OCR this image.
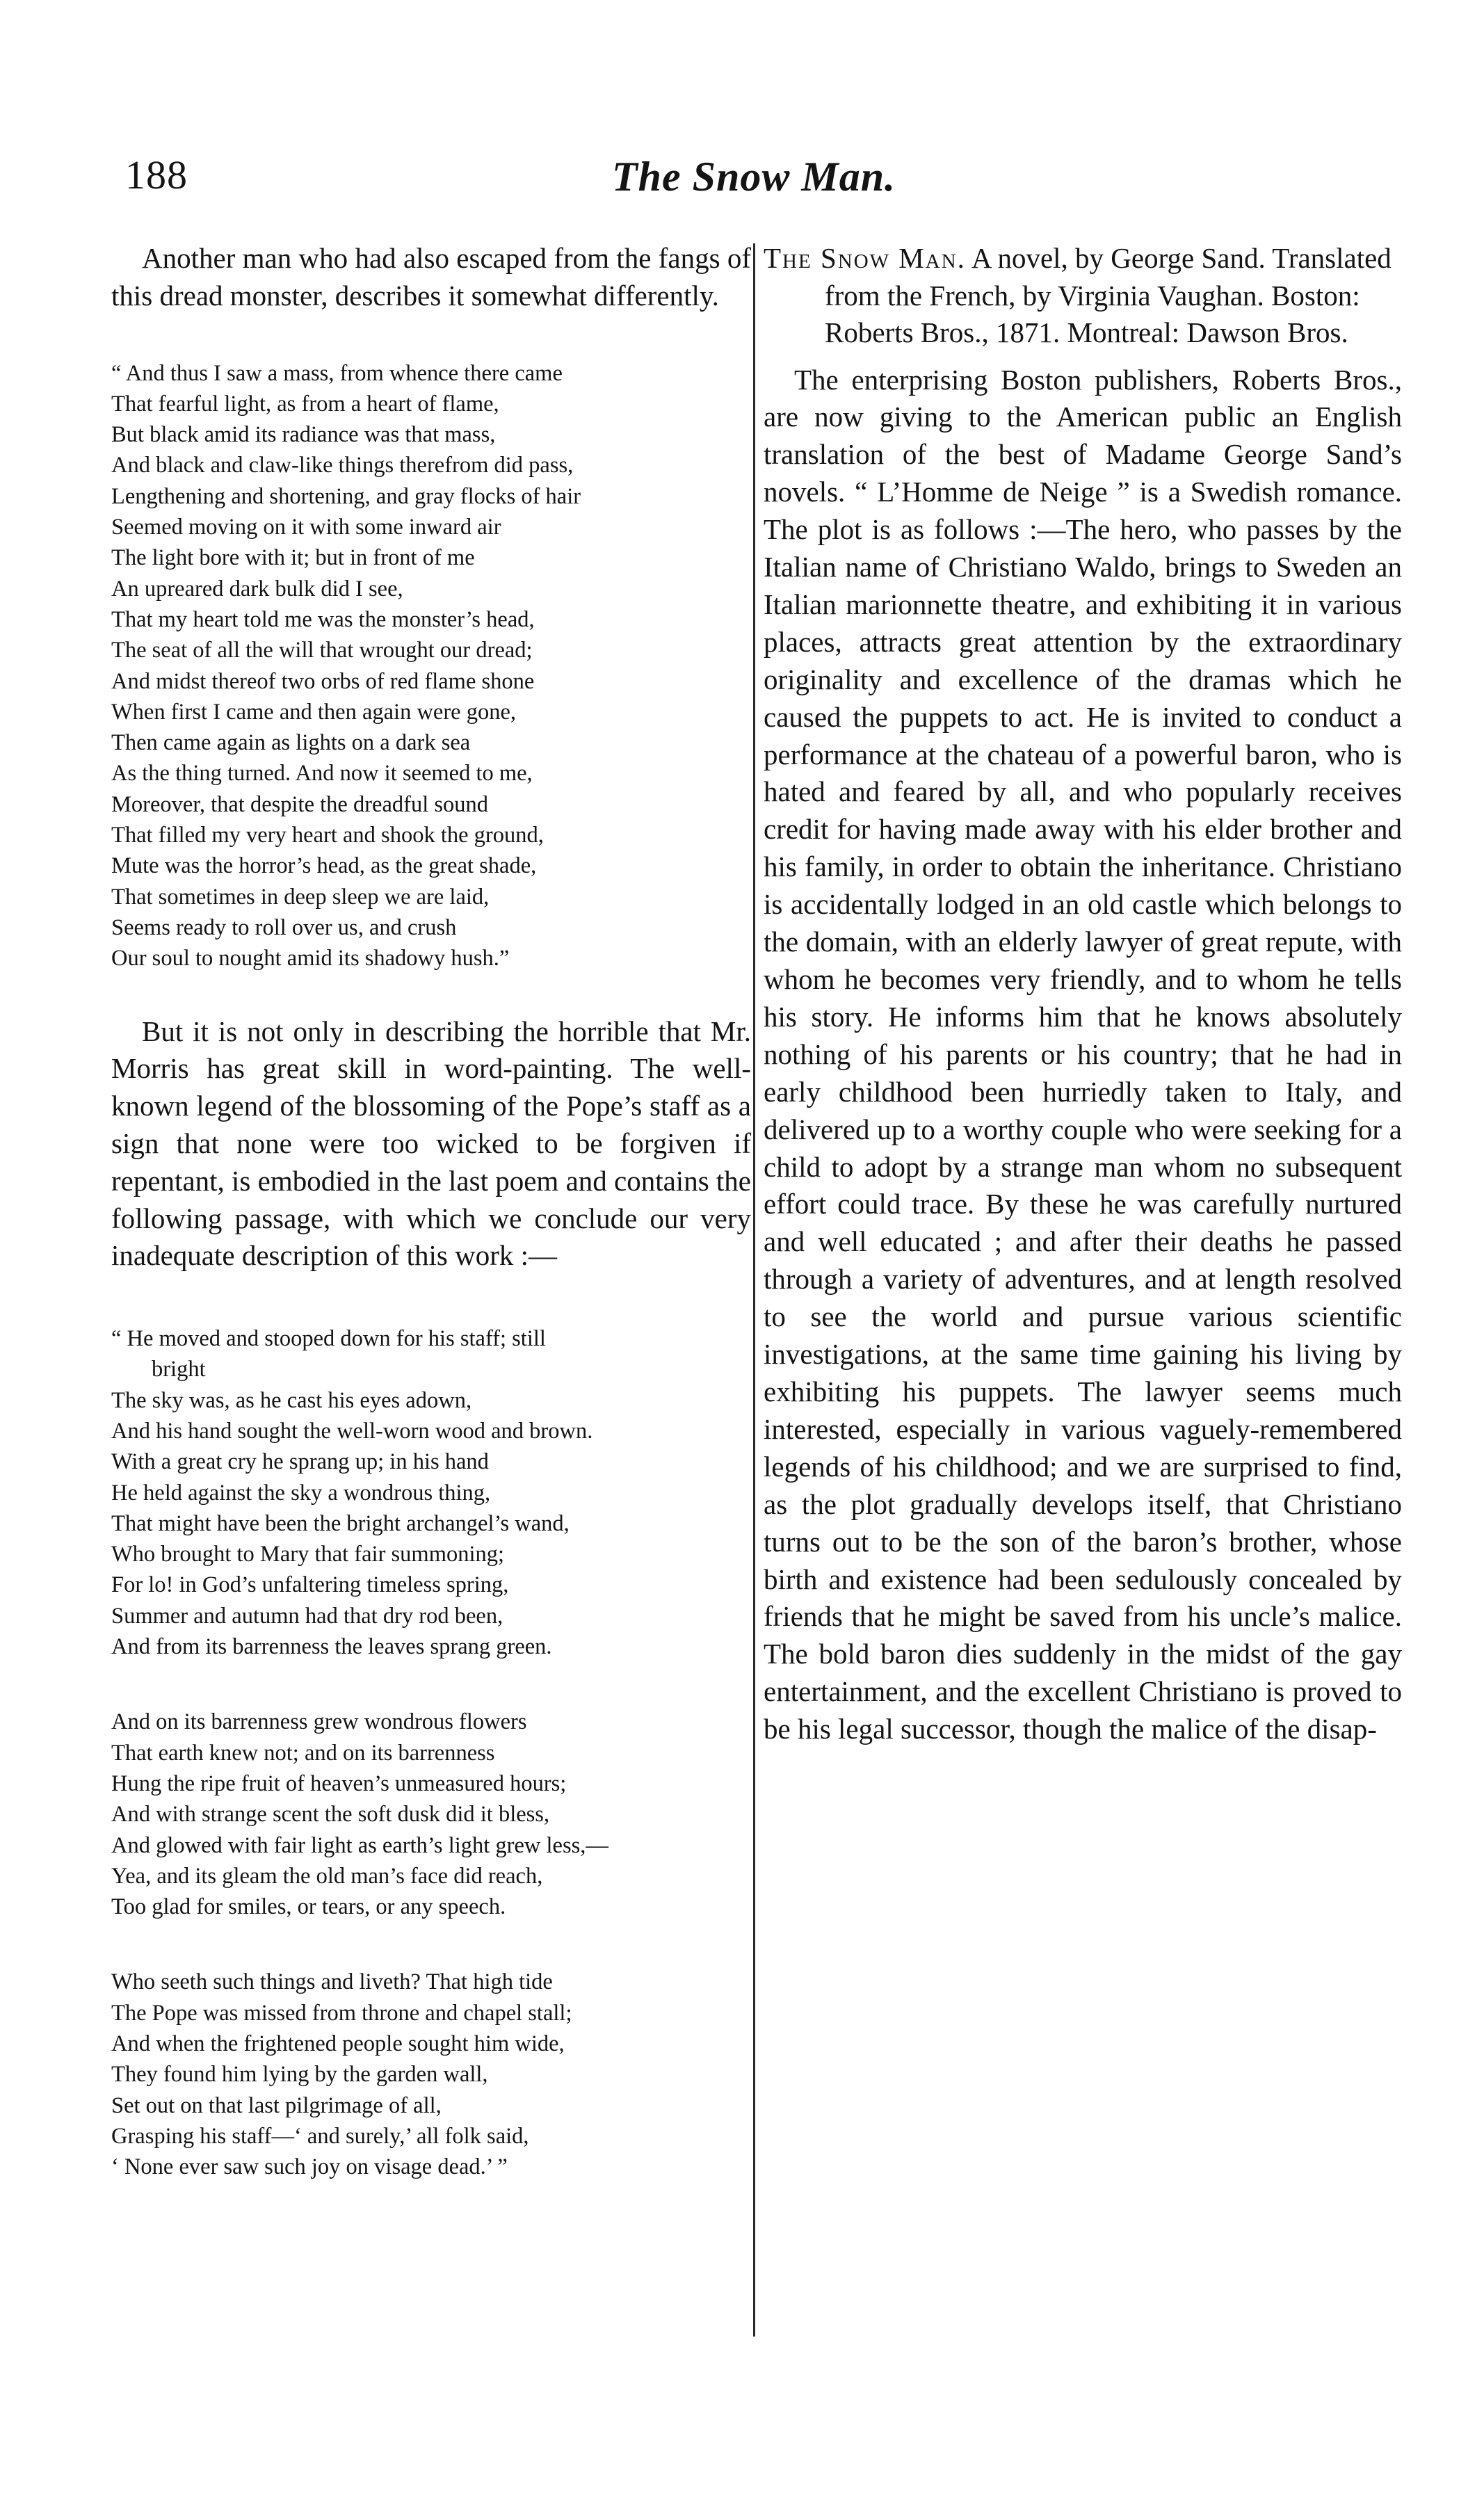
188	The Snow Man.

Another man who had also escaped from the fangs of this dread monster, describes it somewhat differently.

“ And thus I saw a mass, from whence there came
That fearful light, as from a heart of flame,
But black amid its radiance was that mass,
And black and claw-like things therefrom did pass,
Lengthening and shortening, and gray flocks of hair
Seemed moving on it with some inward air
The light bore with it; but in front of me
An upreared dark bulk did I see,
That my heart told me was the monster’s head,
The seat of all the will that wrought our dread;
And midst thereof two orbs of red flame shone
When first I came and then again were gone,
Then came again as lights on a dark sea
As the thing turned. And now it seemed to me,
Moreover, that despite the dreadful sound
That filled my very heart and shook the ground,
Mute was the horror’s head, as the great shade,
That sometimes in deep sleep we are laid,
Seems ready to roll over us, and crush
Our soul to nought amid its shadowy hush.”

But it is not only in describing the horrible that Mr. Morris has great skill in word-painting. The well-known legend of the blossoming of the Pope’s staff as a sign that none were too wicked to be forgiven if repentant, is embodied in the last poem and contains the following passage, with which we conclude our very inadequate description of this work :—

“ He moved and stooped down for his staff; still
bright
The sky was, as he cast his eyes adown,
And his hand sought the well-worn wood and brown.
With a great cry he sprang up; in his hand
He held against the sky a wondrous thing,
That might have been the bright archangel’s wand,
Who brought to Mary that fair summoning;
For lo! in God’s unfaltering timeless spring,
Summer and autumn had that dry rod been,
And from its barrenness the leaves sprang green.
And on its barrenness grew wondrous flowers
That earth knew not; and on its barrenness
Hung the ripe fruit of heaven’s unmeasured hours;
And with strange scent the soft dusk did it bless,
And glowed with fair light as earth’s light grew less,—
Yea, and its gleam the old man’s face did reach,
Too glad for smiles, or tears, or any speech.
Who seeth such things and liveth? That high tide
The Pope was missed from throne and chapel stall;
And when the frightened people sought him wide,
They found him lying by the garden wall,
Set out on that last pilgrimage of all,
Grasping his staff—‘ and surely,’ all folk said,
‘ None ever saw such joy on visage dead.’ ”

The Snow Man. A novel, by George Sand. Translated from the French, by Virginia Vaughan. Boston: Roberts Bros., 1871. Montreal: Dawson Bros.

The enterprising Boston publishers, Roberts Bros., are now giving to the American public an English translation of the best of Madame George Sand’s novels. “ L’Homme de Neige ” is a Swedish romance. The plot is as follows :—The hero, who passes by the Italian name of Christiano Waldo, brings to Sweden an Italian marionnette theatre, and exhibiting it in various places, attracts great attention by the extraordinary originality and excellence of the dramas which he caused the puppets to act. He is invited to conduct a performance at the chateau of a powerful baron, who is hated and feared by all, and who popularly receives credit for having made away with his elder brother and his family, in order to obtain the inheritance. Christiano is accidentally lodged in an old castle which belongs to the domain, with an elderly lawyer of great repute, with whom he becomes very friendly, and to whom he tells his story. He informs him that he knows absolutely nothing of his parents or his country; that he had in early childhood been hurriedly taken to Italy, and delivered up to a worthy couple who were seeking for a child to adopt by a strange man whom no subsequent effort could trace. By these he was carefully nurtured and well educated ; and after their deaths he passed through a variety of adventures, and at length resolved to see the world and pursue various scientific investigations, at the same time gaining his living by exhibiting his puppets. The lawyer seems much interested, especially in various vaguely-remembered legends of his childhood; and we are surprised to find, as the plot gradually develops itself, that Christiano turns out to be the son of the baron’s brother, whose birth and existence had been sedulously concealed by friends that he might be saved from his uncle’s malice. The bold baron dies suddenly in the midst of the gay entertainment, and the excellent Christiano is proved to be his legal successor, though the malice of the disap-
